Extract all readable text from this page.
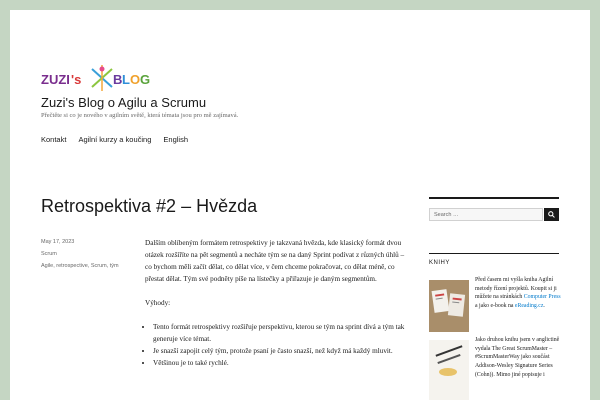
ZUZI 's B L O G
Zuzi's Blog o Agilu a Scrumu
Přečtěte si co je nového v agilním světě, která témata jsou pro mě zajímavá.
Kontakt Agilní kurzy a koučing English
Retrospektiva #2 – Hvězda
May 17, 2023
Scrum
Agile, retrospective, Scrum, tým

Dalším oblíbeným formátem retrospektivy je takzvaná hvězda, kde klasický formát dvou otázek rozšíříte na pět segmentů a necháte tým se na daný Sprint podívat z různých úhlů – co bychom měli začít dělat, co dělat více, v čem chceme pokračovat, co dělat méně, co přestat dělat. Tým své podněty píše na lístečky a přiřazuje je daným segmentům.

Výhody:

• Tento formát retrospektivy rozšiřuje perspektivu, kterou se tým na sprint dívá a tým tak generuje více témat.
• Je snazší zapojit celý tým, protože psaní je často snazší, než když má každý mluvit.
• Většinou je to také rychlé.
Search …
KNIHY
Před časem mi vyšla kniha Agilní metody řízení projektů. Koupit si ji můžete na stránkách Computer Press a jako e-book na eReading.cz.
Jako druhou knihu jsem v anglictině vydala The Great ScrumMaster – #ScrumMasterWay jako součást Addison-Wesley Signature Series (Cohn)). Mimo jiné popisuje i
